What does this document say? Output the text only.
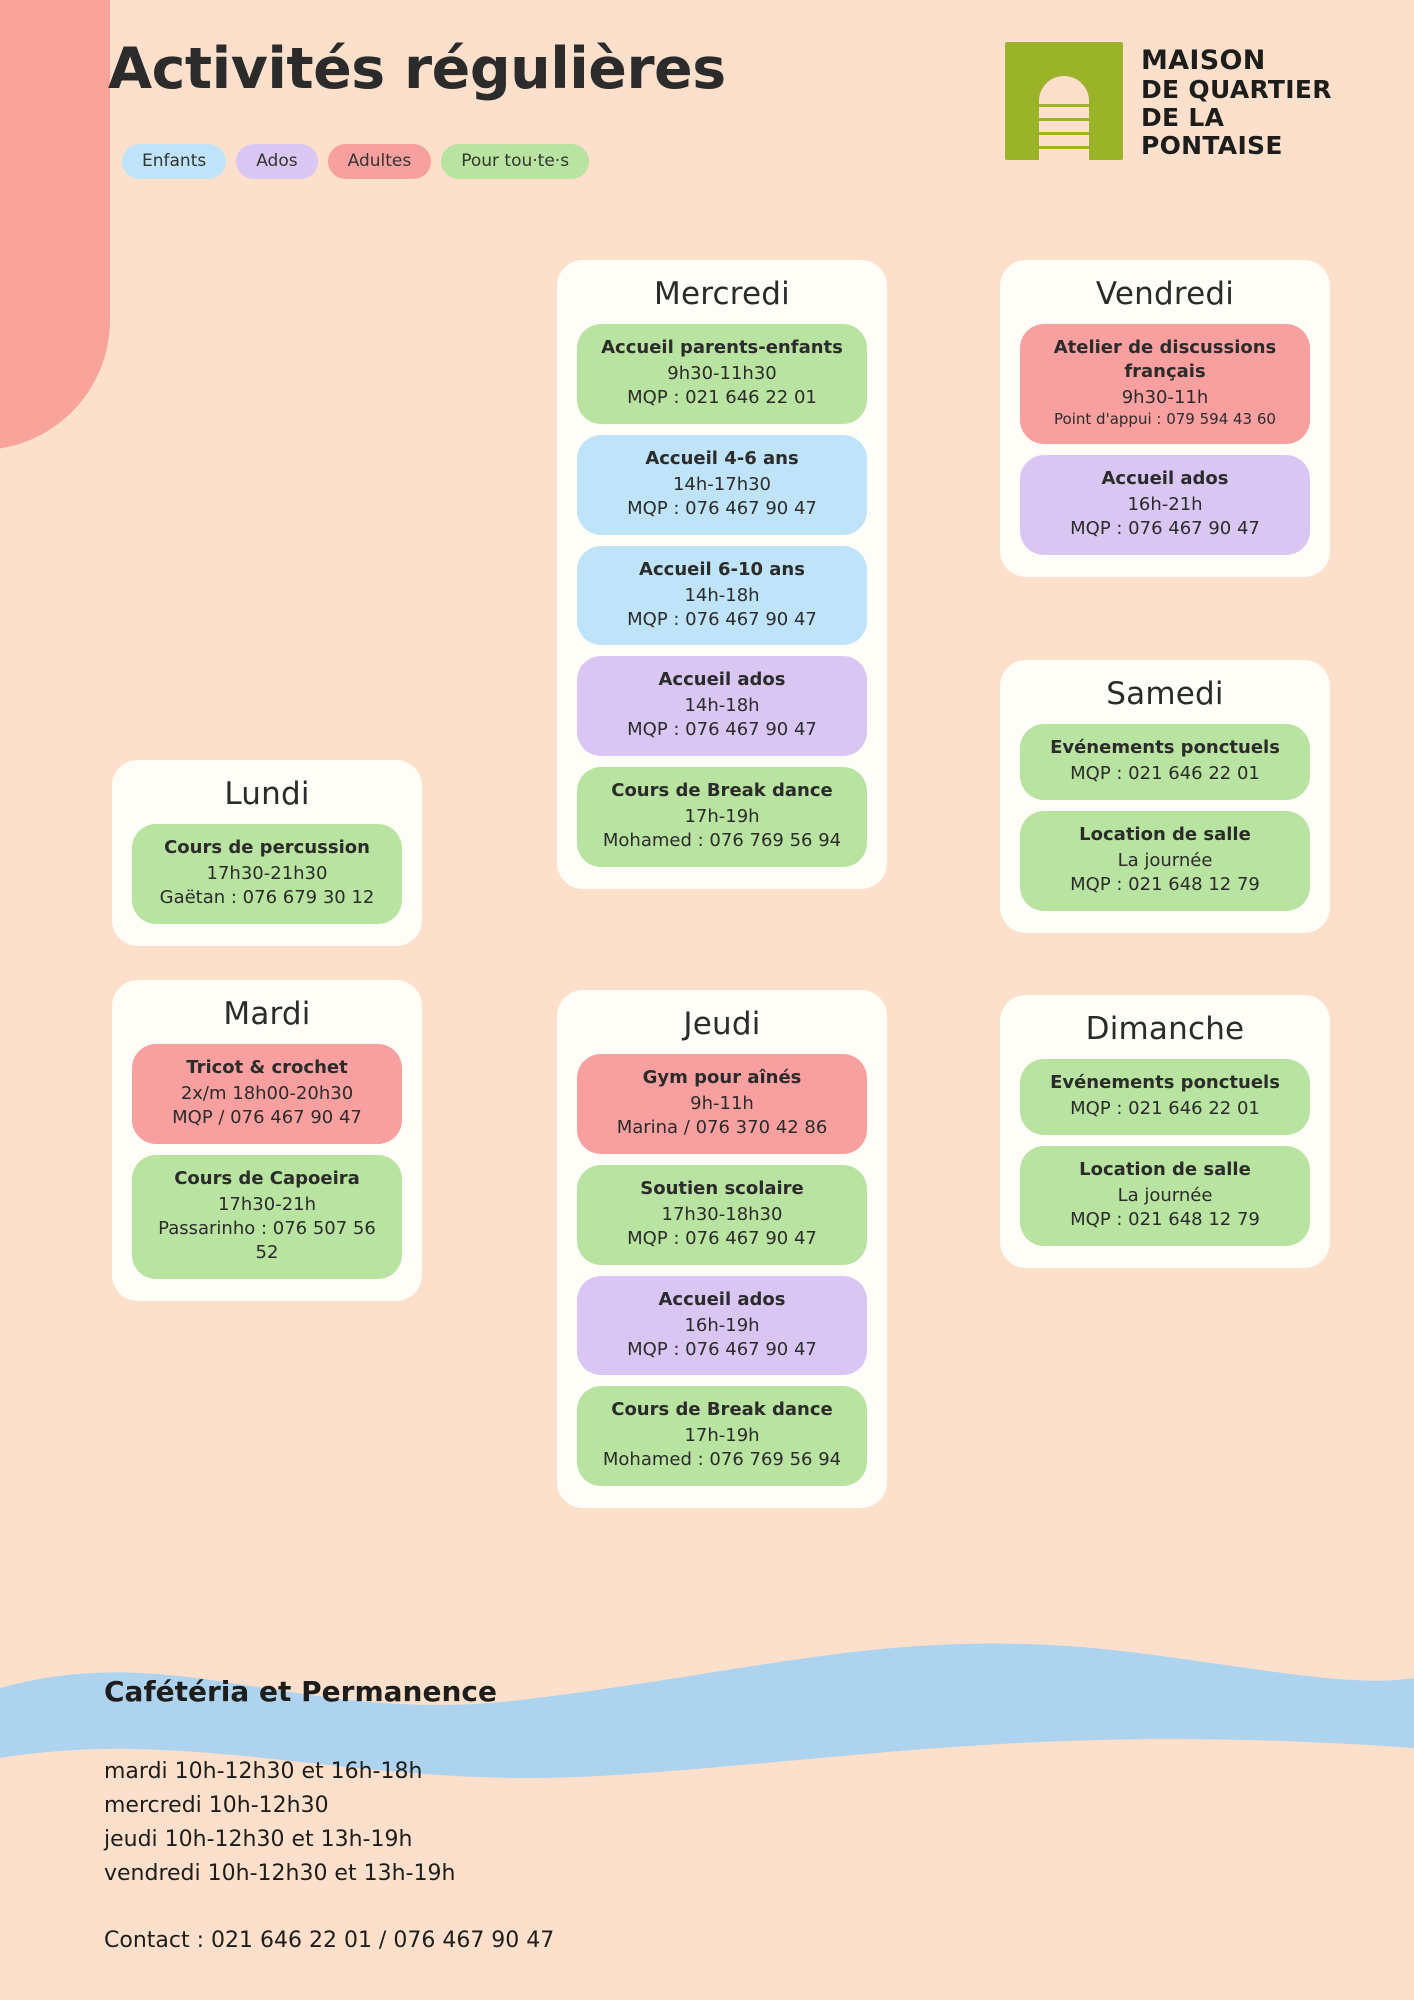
Activités régulières
Enfants	Ados	Adultes	Pour tou·te·s
MAISON
DE QUARTIER
DE LA
PONTAISE
Lundi
Cours de percussion
17h30-21h30
Gaëtan : 076 679 30 12
Mardi
Tricot & crochet
2x/m 18h00-20h30
MQP / 076 467 90 47
Cours de Capoeira
17h30-21h
Passarinho : 076 507 56 52
Mercredi
Accueil parents-enfants
9h30-11h30
MQP : 021 646 22 01
Accueil 4-6 ans
14h-17h30
MQP : 076 467 90 47
Accueil 6-10 ans
14h-18h
MQP : 076 467 90 47
Accueil ados
14h-18h
MQP : 076 467 90 47
Cours de Break dance
17h-19h
Mohamed : 076 769 56 94
Jeudi
Gym pour aînés
9h-11h
Marina / 076 370 42 86
Soutien scolaire
17h30-18h30
MQP : 076 467 90 47
Accueil ados
16h-19h
MQP : 076 467 90 47
Cours de Break dance
17h-19h
Mohamed : 076 769 56 94
Vendredi
Atelier de discussions français
9h30-11h
Point d'appui : 079 594 43 60
Accueil ados
16h-21h
MQP : 076 467 90 47
Samedi
Evénements ponctuels
MQP : 021 646 22 01
Location de salle
La journée
MQP : 021 648 12 79
Dimanche
Evénements ponctuels
MQP : 021 646 22 01
Location de salle
La journée
MQP : 021 648 12 79
Cafétéria et Permanence
mardi 10h-12h30 et 16h-18h
mercredi 10h-12h30
jeudi 10h-12h30 et 13h-19h
vendredi 10h-12h30 et 13h-19h
Contact : 021 646 22 01 / 076 467 90 47
